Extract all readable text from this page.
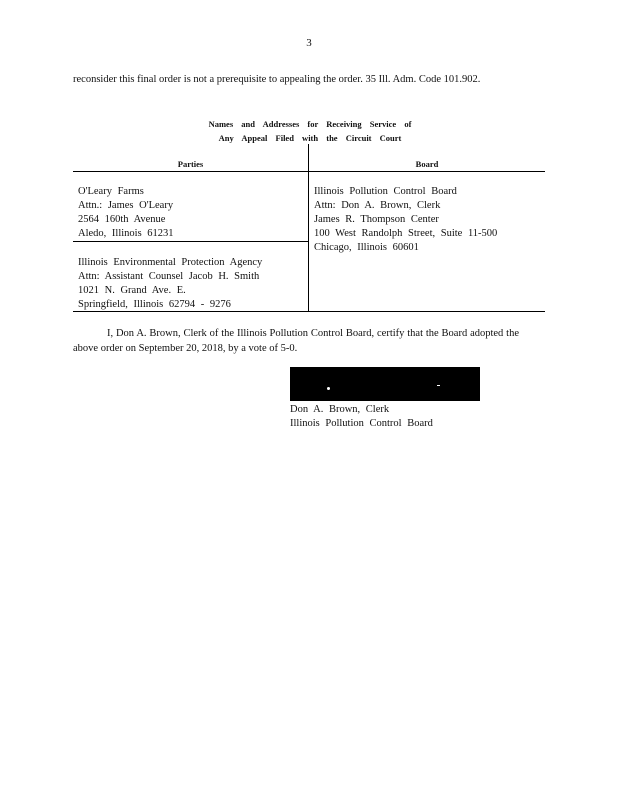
3
reconsider this final order is not a prerequisite to appealing the order. 35 Ill. Adm. Code 101.902.
Names and Addresses for Receiving Service of
Any Appeal Filed with the Circuit Court
Parties	Board
O'Leary Farms
Attn.: James O'Leary
2564 160th Avenue
Aledo, Illinois 61231
Illinois Environmental Protection Agency
Attn: Assistant Counsel Jacob H. Smith
1021 N. Grand Ave. E.
Springfield, Illinois 62794 - 9276
Illinois Pollution Control Board
Attn: Don A. Brown, Clerk
James R. Thompson Center
100 West Randolph Street, Suite 11-500
Chicago, Illinois 60601
I, Don A. Brown, Clerk of the Illinois Pollution Control Board, certify that the Board adopted the above order on September 20, 2018, by a vote of 5-0.
Don A. Brown, Clerk
Illinois Pollution Control Board
